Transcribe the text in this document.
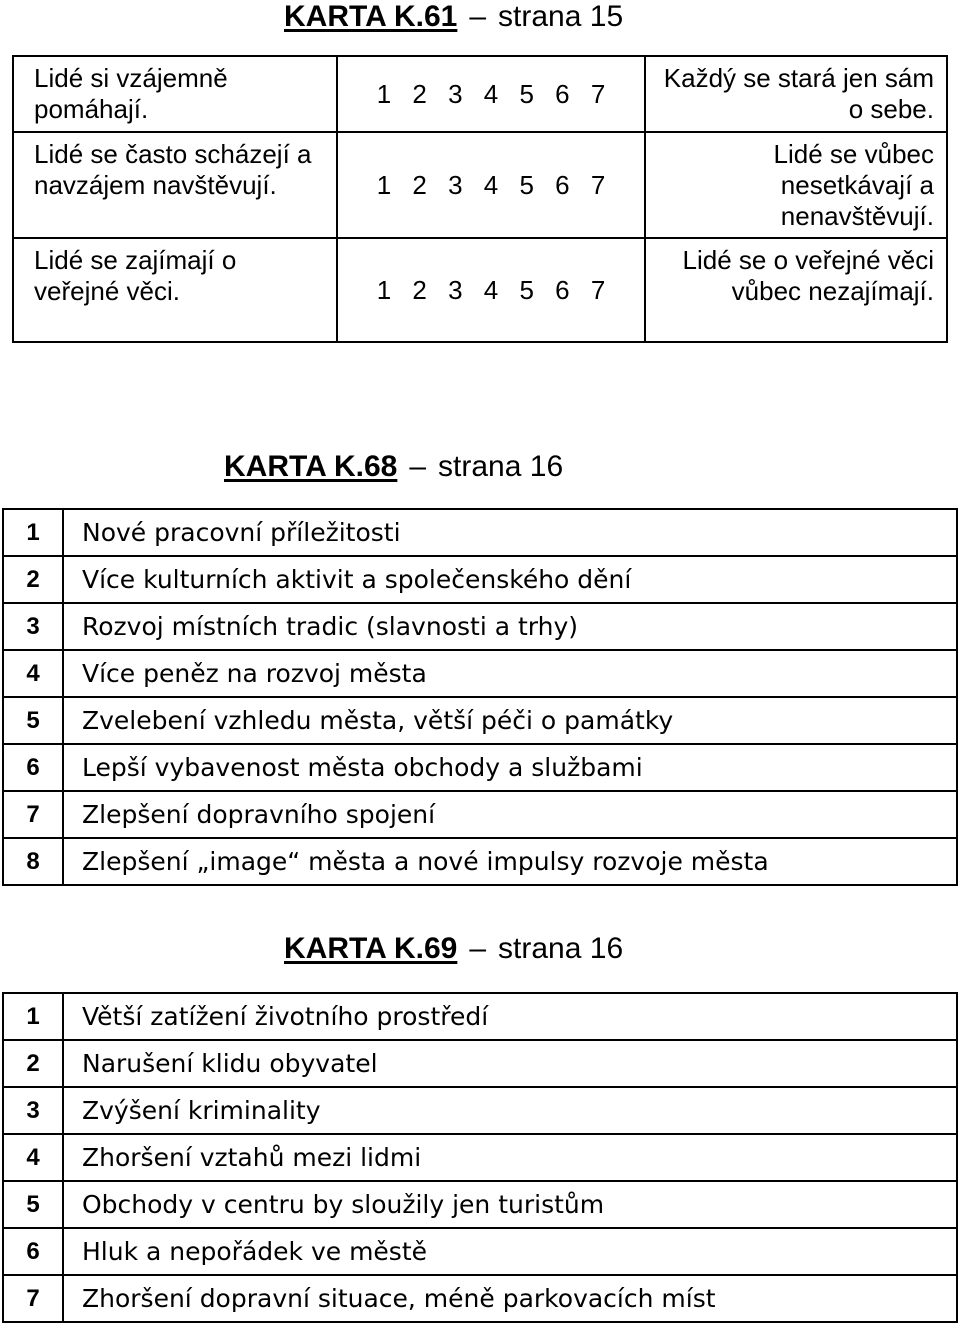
KARTA K.61 – strana 15
Lidé si vzájemně pomáhají.	1 2 3 4 5 6 7	Každý se stará jen sám o sebe.
Lidé se často scházejí a navzájem navštěvují.	1 2 3 4 5 6 7	Lidé se vůbec nesetkávají a nenavštěvují.
Lidé se zajímají o veřejné věci.	1 2 3 4 5 6 7	Lidé se o veřejné věci vůbec nezajímají.
KARTA K.68 – strana 16
1	Nové pracovní příležitosti
2	Více kulturních aktivit a společenského dění
3	Rozvoj místních tradic (slavnosti a trhy)
4	Více peněz na rozvoj města
5	Zvelebení vzhledu města, větší péči o památky
6	Lepší vybavenost města obchody a službami
7	Zlepšení dopravního spojení
8	Zlepšení „image“ města a nové impulsy rozvoje města
KARTA K.69 – strana 16
1	Větší zatížení životního prostředí
2	Narušení klidu obyvatel
3	Zvýšení kriminality
4	Zhoršení vztahů mezi lidmi
5	Obchody v centru by sloužily jen turistům
6	Hluk a nepořádek ve městě
7	Zhoršení dopravní situace, méně parkovacích míst
